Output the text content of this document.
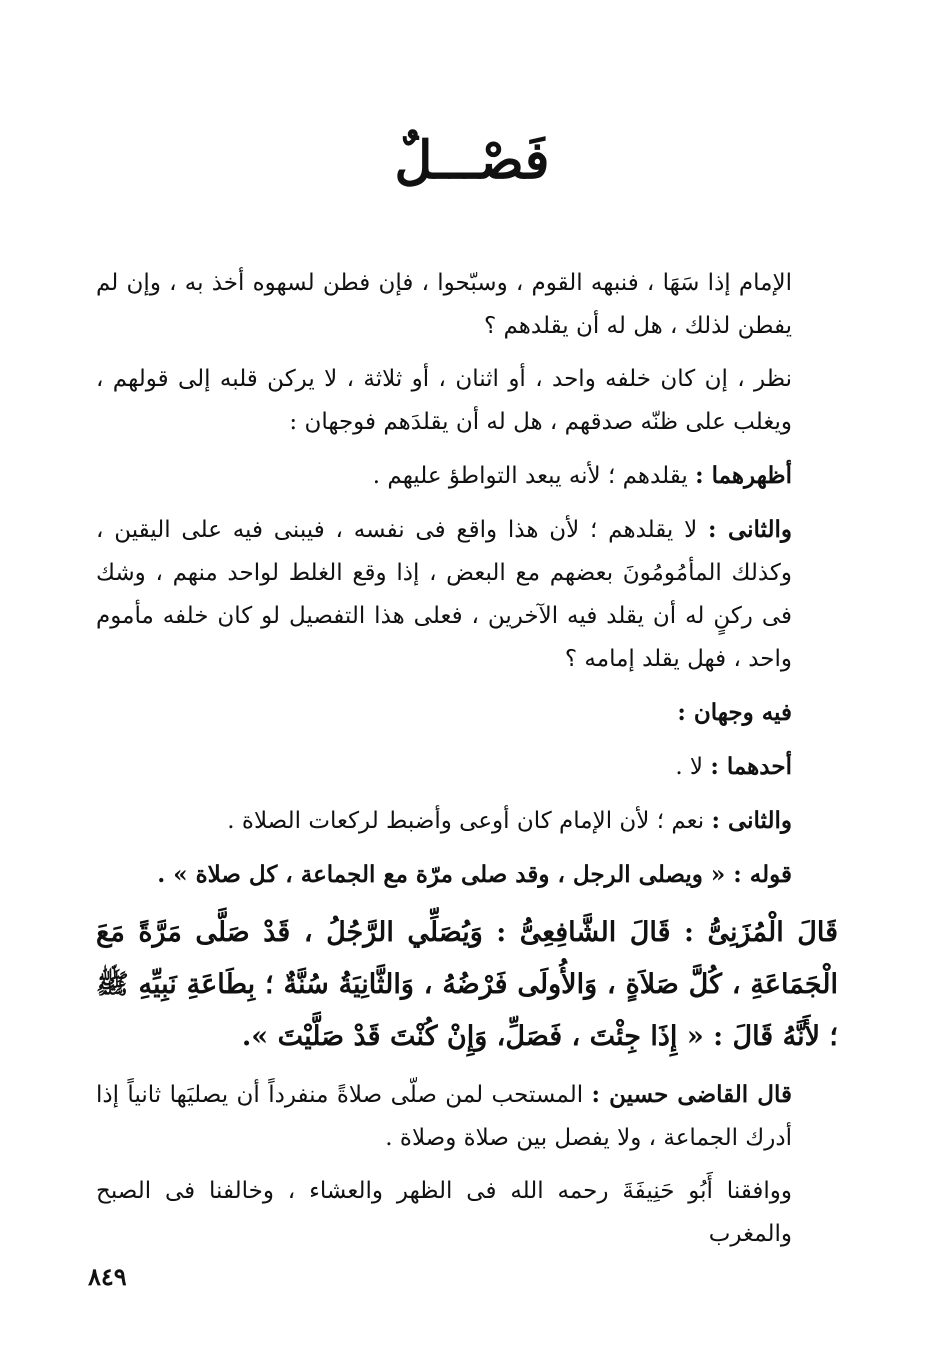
فَصْـــلٌ

الإمام إذا سَهَا ، فنبهه القوم ، وسبّحوا ، فإن فطن لسهوه أخذ به ، وإن لم يفطن لذلك ، هل له أن يقلدهم ؟

نظر ، إن كان خلفه واحد ، أو اثنان ، أو ثلاثة ، لا يركن قلبه إلى قولهم ، ويغلب على ظنّه صدقهم ، هل له أن يقلدَهم فوجهان :

أظهرهما : يقلدهم ؛ لأنه يبعد التواطؤ عليهم .

والثانى : لا يقلدهم ؛ لأن هذا واقع فى نفسه ، فيبنى فيه على اليقين ، وكذلك المأمُومُونَ بعضهم مع البعض ، إذا وقع الغلط لواحد منهم ، وشك فى ركنٍ له أن يقلد فيه الآخرين ، فعلى هذا التفصيل لو كان خلفه مأموم واحد ، فهل يقلد إمامه ؟

فيه وجهان :

أحدهما : لا .

والثانى : نعم ؛ لأن الإمام كان أوعى وأضبط لركعات الصلاة .

قوله : « ويصلى الرجل ، وقد صلى مرّة مع الجماعة ، كل صلاة » .

قَالَ الْمُزَنِىُّ : قَالَ الشَّافِعِىُّ : وَيُصَلِّي الرَّجُلُ ، قَدْ صَلَّى مَرَّةً مَعَ الْجَمَاعَةِ ، كُلَّ صَلاَةٍ ، وَالأُولَى فَرْضُهُ ، وَالثَّانِيَةُ سُنَّةٌ ؛ بِطَاعَةِ نَبِيِّهِ ﷺ ؛ لأَنَّهُ قَالَ : « إِذَا جِئْتَ ، فَصَلِّ، وَإِنْ كُنْتَ قَدْ صَلَّيْتَ ».

قال القاضى حسين : المستحب لمن صلّى صلاةً منفرداً أن يصليَها ثانياً إذا أدرك الجماعة ، ولا يفصل بين صلاة وصلاة .

ووافقنا أَبُو حَنِيفَةَ رحمه الله فى الظهر والعشاء ، وخالفنا فى الصبح والمغرب

٨٤٩
